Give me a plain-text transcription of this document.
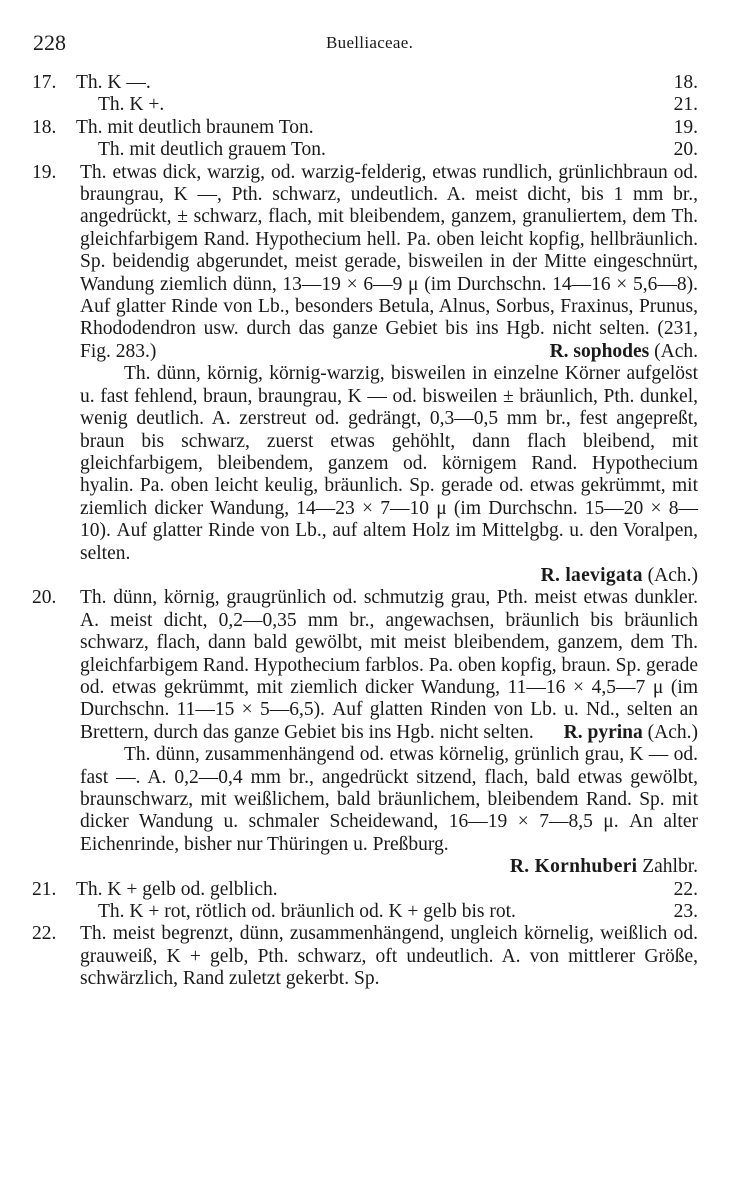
228	Buelliaceae.
17.	Th. K —.	18.
Th. K +.	21.
18.	Th. mit deutlich braunem Ton.	19.
Th. mit deutlich grauem Ton.	20.
19.	Th. etwas dick, warzig, od. warzig-felderig, etwas rundlich, grünlichbraun od. braungrau, K —, Pth. schwarz, undeutlich. A. meist dicht, bis 1 mm br., angedrückt, ± schwarz, flach, mit bleibendem, ganzem, granuliertem, dem Th. gleichfarbigem Rand. Hypothecium hell. Pa. oben leicht kopfig, hellbräunlich. Sp. beidendig abgerundet, meist gerade, bisweilen in der Mitte eingeschnürt, Wandung ziemlich dünn, 13—19 × 6—9 μ (im Durchschn. 14—16 × 5,6—8). Auf glatter Rinde von Lb., besonders Betula, Alnus, Sorbus, Fraxinus, Prunus, Rhododendron usw. durch das ganze Gebiet bis ins Hgb. nicht selten. (231, Fig. 283.)	R. sophodes (Ach.
Th. dünn, körnig, körnig-warzig, bisweilen in einzelne Körner aufgelöst u. fast fehlend, braun, braungrau, K — od. bisweilen ± bräunlich, Pth. dunkel, wenig deutlich. A. zerstreut od. gedrängt, 0,3—0,5 mm br., fest angepreßt, braun bis schwarz, zuerst etwas gehöhlt, dann flach bleibend, mit gleichfarbigem, bleibendem, ganzem od. körnigem Rand. Hypothecium hyalin. Pa. oben leicht keulig, bräunlich. Sp. gerade od. etwas gekrümmt, mit ziemlich dicker Wandung, 14—23 × 7—10 μ (im Durchschn. 15—20 × 8—10). Auf glatter Rinde von Lb., auf altem Holz im Mittelgbg. u. den Voralpen, selten.
R. laevigata (Ach.)
20.	Th. dünn, körnig, graugrünlich od. schmutzig grau, Pth. meist etwas dunkler. A. meist dicht, 0,2—0,35 mm br., angewachsen, bräunlich bis bräunlich schwarz, flach, dann bald gewölbt, mit meist bleibendem, ganzem, dem Th. gleichfarbigem Rand. Hypothecium farblos. Pa. oben kopfig, braun. Sp. gerade od. etwas gekrümmt, mit ziemlich dicker Wandung, 11—16 × 4,5—7 μ (im Durchschn. 11—15 × 5—6,5). Auf glatten Rinden von Lb. u. Nd., selten an Brettern, durch das ganze Gebiet bis ins Hgb. nicht selten. R. pyrina (Ach.)
Th. dünn, zusammenhängend od. etwas körnelig, grünlich grau, K — od. fast —. A. 0,2—0,4 mm br., angedrückt sitzend, flach, bald etwas gewölbt, braunschwarz, mit weißlichem, bald bräunlichem, bleibendem Rand. Sp. mit dicker Wandung u. schmaler Scheidewand, 16—19 × 7—8,5 μ. An alter Eichenrinde, bisher nur Thüringen u. Preßburg.
R. Kornhuberi Zahlbr.
21.	Th. K + gelb od. gelblich.	22.
Th. K + rot, rötlich od. bräunlich od. K + gelb bis rot.	23.
22.	Th. meist begrenzt, dünn, zusammenhängend, ungleich körnelig, weißlich od. grauweiß, K + gelb, Pth. schwarz, oft undeutlich. A. von mittlerer Größe, schwärzlich, Rand zuletzt gekerbt. Sp.
